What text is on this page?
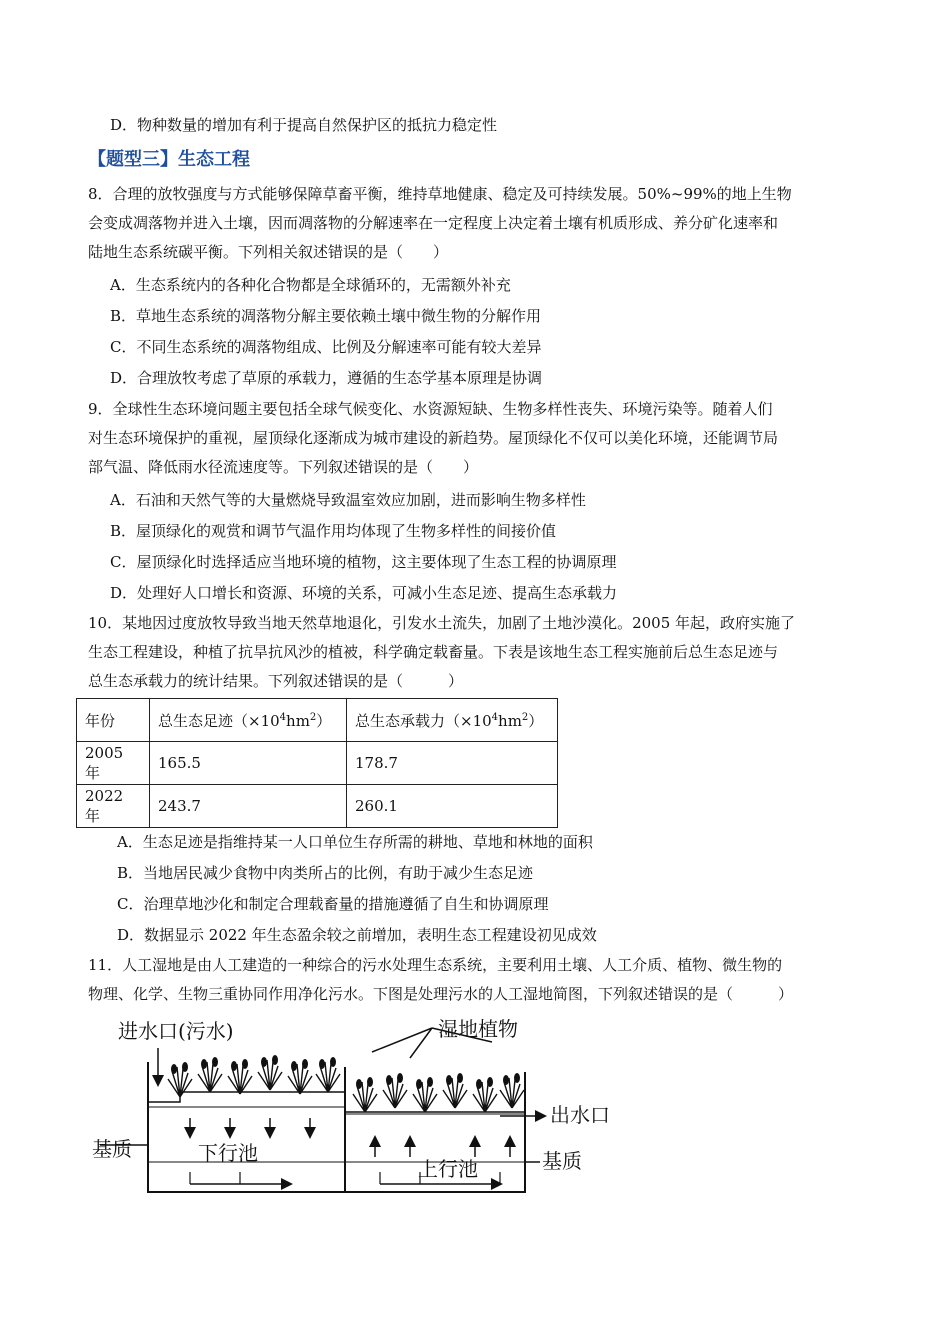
D．物种数量的增加有利于提高自然保护区的抵抗力稳定性
【题型三】生态工程
8．合理的放牧强度与方式能够保障草畜平衡，维持草地健康、稳定及可持续发展。50%~99%的地上生物
会变成凋落物并进入土壤，因而凋落物的分解速率在一定程度上决定着土壤有机质形成、养分矿化速率和
陆地生态系统碳平衡。下列相关叙述错误的是（　　）
A．生态系统内的各种化合物都是全球循环的，无需额外补充
B．草地生态系统的凋落物分解主要依赖土壤中微生物的分解作用
C．不同生态系统的凋落物组成、比例及分解速率可能有较大差异
D．合理放牧考虑了草原的承载力，遵循的生态学基本原理是协调
9．全球性生态环境问题主要包括全球气候变化、水资源短缺、生物多样性丧失、环境污染等。随着人们
对生态环境保护的重视，屋顶绿化逐渐成为城市建设的新趋势。屋顶绿化不仅可以美化环境，还能调节局
部气温、降低雨水径流速度等。下列叙述错误的是（　　）
A．石油和天然气等的大量燃烧导致温室效应加剧，进而影响生物多样性
B．屋顶绿化的观赏和调节气温作用均体现了生物多样性的间接价值
C．屋顶绿化时选择适应当地环境的植物，这主要体现了生态工程的协调原理
D．处理好人口增长和资源、环境的关系，可减小生态足迹、提高生态承载力
10．某地因过度放牧导致当地天然草地退化，引发水土流失，加剧了土地沙漠化。2005 年起，政府实施了
生态工程建设，种植了抗旱抗风沙的植被，科学确定载畜量。下表是该地生态工程实施前后总生态足迹与
总生态承载力的统计结果。下列叙述错误的是（　　　）
年份	总生态足迹$(\times 10^4hm^2)$	总生态承载力$(\times 10^4hm^2)$
2005 年	165.5	178.7
2022 年	243.7	260.1
A．生态足迹是指维持某一人口单位生存所需的耕地、草地和林地的面积
B．当地居民减少食物中肉类所占的比例，有助于减少生态足迹
C．治理草地沙化和制定合理载畜量的措施遵循了自生和协调原理
D．数据显示 2022 年生态盈余较之前增加，表明生态工程建设初见成效
11．人工湿地是由人工建造的一种综合的污水处理生态系统，主要利用土壤、人工介质、植物、微生物的
物理、化学、生物三重协同作用净化污水。下图是处理污水的人工湿地简图，下列叙述错误的是（　　　）
进水口(污水)	湿地植物
出水口
基质	基质
下行池
上行池
